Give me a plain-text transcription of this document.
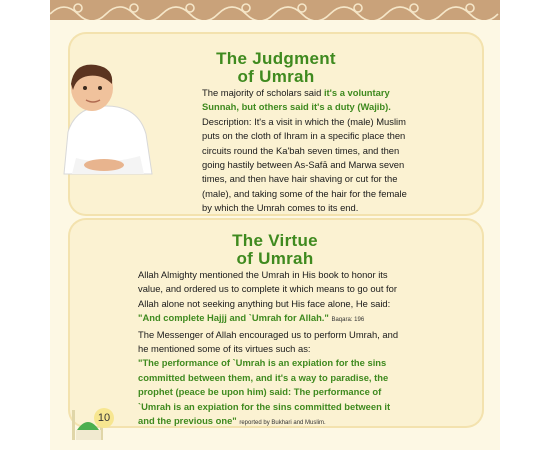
The Judgment
of Umrah
The majority of scholars said it's a voluntary
Sunnah, but others said it's a duty (Wajib).
Description: It's a visit in which the (male) Muslim
puts on the cloth of Ihram in a specific place then
circuits round the Ka'bah seven times, and then
going hastily between As-Safā and Marwa seven
times, and then have hair shaving or cut for the
(male), and taking some of the hair for the female
by which the Umrah comes to its end.
The Virtue
of Umrah
Allah Almighty mentioned the Umrah in His book to honor its
value, and ordered us to complete it which means to go out for
Allah alone not seeking anything but His face alone, He said:
"And complete Hajjj and `Umrah for Allah." Baqara: 196
The Messenger of Allah encouraged us to perform Umrah, and
he mentioned some of its virtues such as:
"The performance of `Umrah is an expiation for the sins
committed between them, and it's a way to paradise, the
prophet (peace be upon him) said: The performance of
`Umrah is an expiation for the sins committed between it
and the previous one" reported by Bukhari and Muslim.
10
